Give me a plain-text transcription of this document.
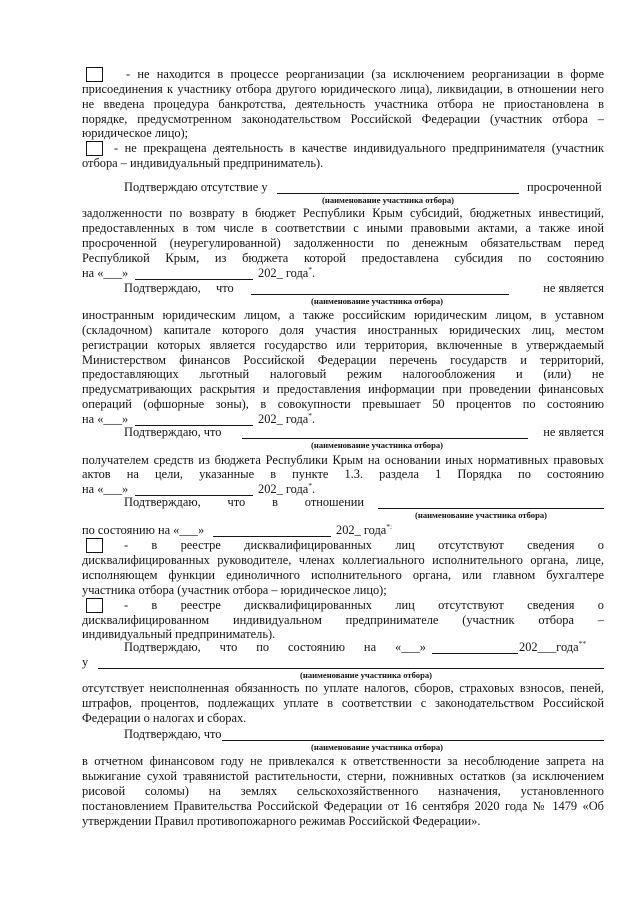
- не находится в процессе реорганизации (за исключением реорганизации в форме
присоединения к участнику отбора другого юридического лица), ликвидации, в отношении него
не введена процедура банкротства, деятельность участника отбора не приостановлена в
порядке, предусмотренном законодательством Российской Федерации (участник отбора –
юридическое лицо);
- не прекращена деятельность в качестве индивидуального предпринимателя (участник
отбора – индивидуальный предприниматель).
Подтверждаю отсутствие у	просроченной
(наименование участника отбора)
задолженности по возврату в бюджет Республики Крым субсидий, бюджетных инвестиций,
предоставленных в том числе в соответствии с иными правовыми актами, а также иной
просроченной (неурегулированной) задолженности по денежным обязательствам перед
Республикой Крым, из бюджета которой предоставлена субсидия по состоянию
на «___»	202_ года*.
Подтверждаю, что	не является
(наименование участника отбора)
иностранным юридическим лицом, а также российским юридическим лицом, в уставном
(складочном) капитале которого доля участия иностранных юридических лиц, местом
регистрации которых является государство или территория, включенные в утверждаемый
Министерством финансов Российской Федерации перечень государств и территорий,
предоставляющих льготный налоговый режим налогообложения и (или) не
предусматривающих раскрытия и предоставления информации при проведении финансовых
операций (офшорные зоны), в совокупности превышает 50 процентов по состоянию
на «___»	202_ года*.
Подтверждаю, что	не является
(наименование участника отбора)
получателем средств из бюджета Республики Крым на основании иных нормативных правовых
актов на цели, указанные в пункте 1.3. раздела 1 Порядка по состоянию
на «___»	202_ года*.
Подтверждаю, что в отношении
(наименование участника отбора)
по состоянию на «___»	202_ года*:
- в реестре дисквалифицированных лиц отсутствуют сведения о
дисквалифицированных руководителе, членах коллегиального исполнительного органа, лице,
исполняющем функции единоличного исполнительного органа, или главном бухгалтере
участника отбора (участник отбора – юридическое лицо);
- в реестре дисквалифицированных лиц отсутствуют сведения о
дисквалифицированном индивидуальном предпринимателе (участник отбора –
индивидуальный предприниматель).
Подтверждаю, что по состоянию на «___»	202___года**
у
(наименование участника отбора)
отсутствует неисполненная обязанность по уплате налогов, сборов, страховых взносов, пеней,
штрафов, процентов, подлежащих уплате в соответствии с законодательством Российской
Федерации о налогах и сборах.
Подтверждаю, что
(наименование участника отбора)
в отчетном финансовом году не привлекался к ответственности за несоблюдение запрета на
выжигание сухой травянистой растительности, стерни, пожнивных остатков (за исключением
рисовой соломы) на землях сельскохозяйственного назначения, установленного
постановлением Правительства Российской Федерации от 16 сентября 2020 года № 1479 «Об
утверждении Правил противопожарного режимав Российской Федерации».
